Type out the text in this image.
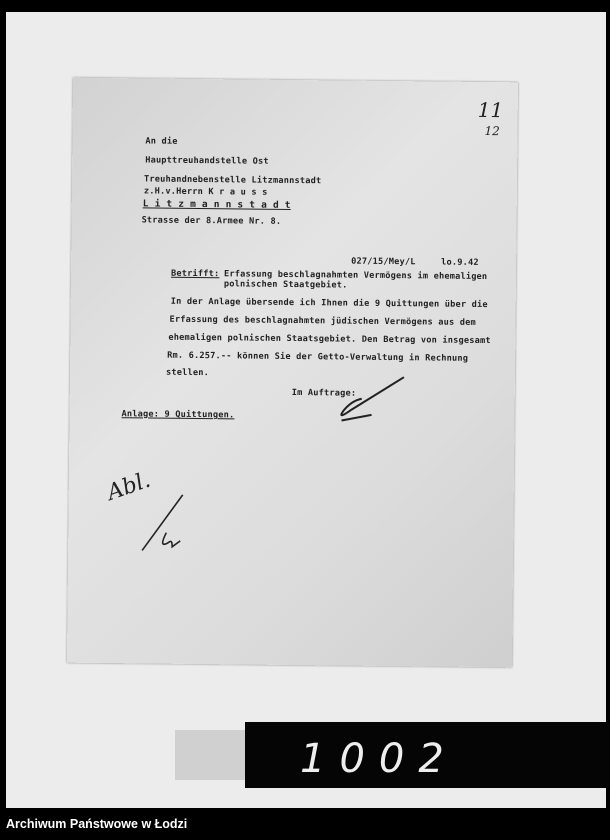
11
12
An die
Haupttreuhandstelle Ost
Treuhandnebenstelle Litzmannstadt
z.H.v.Herrn K r a u s s
L i t z m a n n s t a d t
Strasse der 8.Armee Nr. 8.
027/15/Mey/L	lo.9.42
Betrifft: Erfassung beschlagnahmten Vermögens im ehemaligen
polnischen Staatgebiet.
In der Anlage übersende ich Ihnen die 9 Quittungen über die
Erfassung des beschlagnahmten jüdischen Vermögens aus dem
ehemaligen polnischen Staatsgebiet. Den Betrag von insgesamt
Rm. 6.257.-- können Sie der Getto-Verwaltung in Rechnung
stellen.
Im Auftrage:
Anlage: 9 Quittungen.
Abl.
1002
Archiwum Państwowe w Łodzi
